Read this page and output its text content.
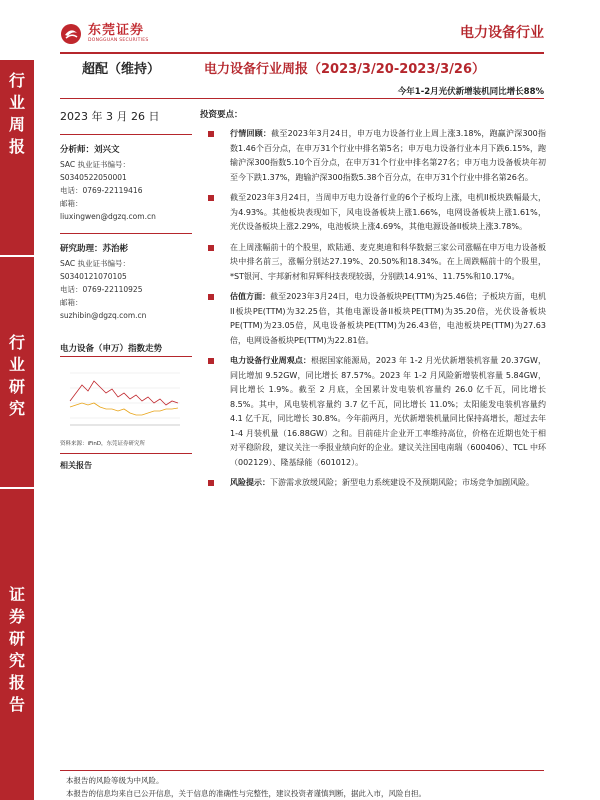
东莞证券
DONGGUAN SECURITIES	电力设备行业
行
业
周
报
行
业
研
究
证
券
研
究
报
告
超配（维持）	电力设备行业周报（2023/3/20-2023/3/26）
今年1-2月光伏新增装机同比增长88%
2023 年 3 月 26 日
分析师：刘兴文
SAC 执业证书编号：
S0340522050001
电话：0769-22119416
邮箱：
liuxingwen@dgzq.com.cn
研究助理：苏治彬
SAC 执业证书编号：
S0340121070105
电话：0769-22110925
邮箱：
suzhibin@dgzq.com.cn
电力设备（申万）指数走势
资料来源：iFinD，东莞证券研究所
相关报告
投资要点：
行情回顾：截至2023年3月24日，申万电力设备行业上周上涨3.18%，跑赢沪深300指数1.46个百分点，在申万31个行业中排名第5名；申万电力设备行业本月下跌6.15%，跑输沪深300指数5.10个百分点，在申万31个行业中排名第27名；申万电力设备板块年初至今下跌1.37%，跑输沪深300指数5.38个百分点，在申万31个行业中排名第26名。
截至2023年3月24日，当周申万电力设备行业的6个子板均上涨，电机II板块跌幅最大，为4.93%。其他板块表现如下，风电设备板块上涨1.66%，电网设备板块上涨1.61%，光伏设备板块上涨2.29%，电池板块上涨4.69%，其他电源设备II板块上涨3.78%。
在上周涨幅前十的个股里，欧陆通、麦克奥迪和科华数据三家公司涨幅在申万电力设备板块中排名前三，涨幅分别达27.19%、20.50%和18.34%。在上周跌幅前十的个股里，*ST银河、宇邦新材和昇辉科技表现较弱，分别跌14.91%、11.75%和10.17%。
估值方面：截至2023年3月24日，电力设备板块PE(TTM)为25.46倍；子板块方面，电机II板块PE(TTM)为32.25倍，其他电源设备II板块PE(TTM)为35.20倍，光伏设备板块PE(TTM)为23.05倍，风电设备板块PE(TTM)为26.43倍，电池板块PE(TTM)为27.63倍，电网设备板块PE(TTM)为22.81倍。
电力设备行业周观点：根据国家能源局，2023 年 1-2 月光伏新增装机容量 20.37GW，同比增加 9.52GW，同比增长 87.57%。2023 年 1-2 月风险新增装机容量 5.84GW，同比增长 1.9%。截至 2 月底，全国累计发电装机容量约 26.0 亿千瓦，同比增长 8.5%。其中，风电装机容量约 3.7 亿千瓦，同比增长 11.0%；太阳能发电装机容量约 4.1 亿千瓦，同比增长 30.8%。今年前两月，光伏新增装机量同比保持高增长，超过去年 1-4 月装机量（16.88GW）之和。目前硅片企业开工率维持高位，价格在近期也处于相对平稳阶段，建议关注一季报业绩向好的企业。建议关注国电南瑞（600406）、TCL 中环（002129）、隆基绿能（601012）。
风险提示：下游需求放缓风险；新型电力系统建设不及预期风险；市场竞争加剧风险。
本报告的风险等级为中风险。
本报告的信息均来自已公开信息，关于信息的准确性与完整性，建议投资者谨慎判断，据此入市，风险自担。
